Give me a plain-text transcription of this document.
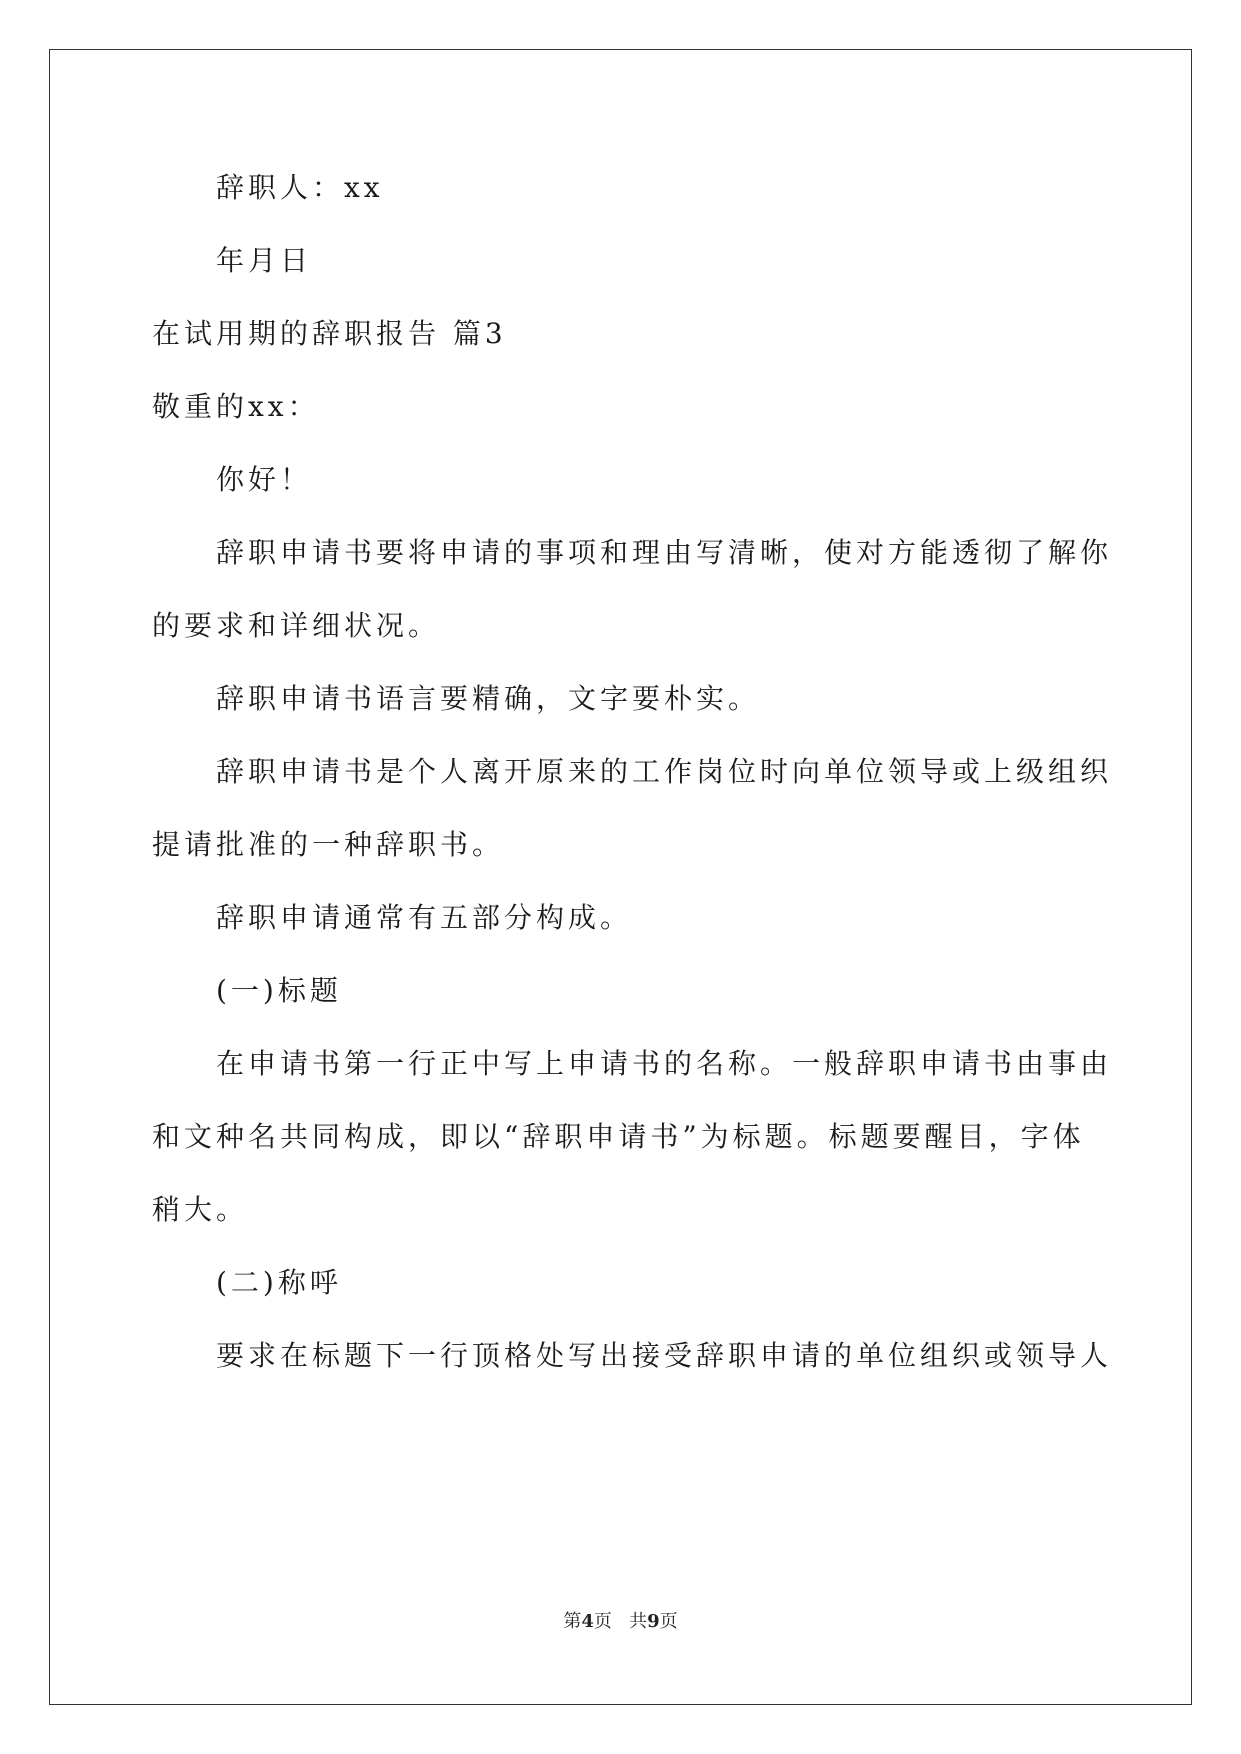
辞职人：xx
年月日
在试用期的辞职报告 篇3
敬重的xx：
你好！
辞职申请书要将申请的事项和理由写清晰，使对方能透彻了解你
的要求和详细状况。
辞职申请书语言要精确，文字要朴实。
辞职申请书是个人离开原来的工作岗位时向单位领导或上级组织
提请批准的一种辞职书。
辞职申请通常有五部分构成。
(一)标题
在申请书第一行正中写上申请书的名称。一般辞职申请书由事由
和文种名共同构成，即以“辞职申请书”为标题。标题要醒目，字体
稍大。
(二)称呼
要求在标题下一行顶格处写出接受辞职申请的单位组织或领导人
第4页 共9页
